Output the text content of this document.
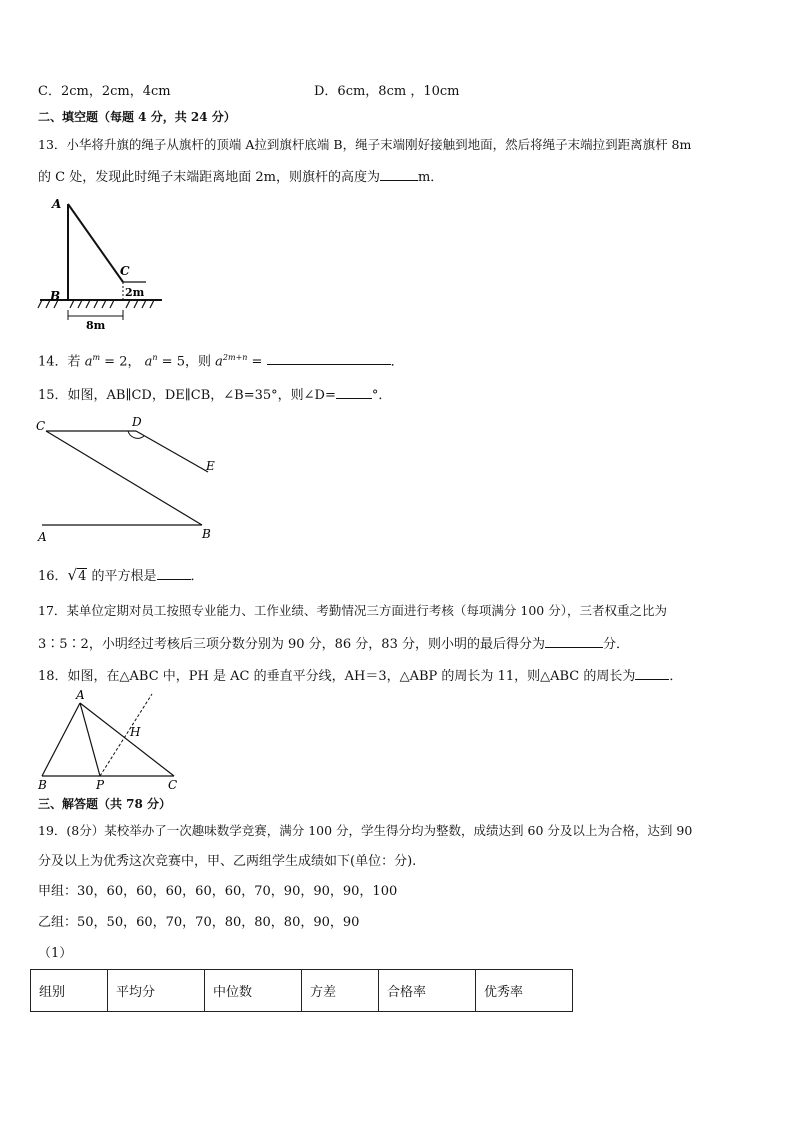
C．2cm，2cm，4cm	D．6cm，8cm ，10cm
二、填空题（每题 4 分，共 24 分）
13．小华将升旗的绳子从旗杆的顶端 A拉到旗杆底端 B，绳子末端刚好接触到地面，然后将绳子末端拉到距离旗杆 8m
的 C 处，发现此时绳子末端距离地面 2m，则旗杆的高度为	m．
A
C
B	2m
8m
14．若 $a^m = 2$， $a^n = 5$，则 $a^{2m+n}$ =	．
15．如图，AB∥CD，DE∥CB，∠B=35°，则∠D=	°．
C	D
E
A	B
16．√4 的平方根是	．
17．某单位定期对员工按照专业能力、工作业绩、考勤情况三方面进行考核（每项满分 100 分），三者权重之比为
3∶5∶2，小明经过考核后三项分数分别为 90 分，86 分，83 分，则小明的最后得分为	分．
18．如图，在△ABC 中，PH 是 AC 的垂直平分线，AH＝3，△ABP 的周长为 11，则△ABC 的周长为	．
A
H
B	P	C
三、解答题（共 78 分）
19．(8分）某校举办了一次趣味数学竞赛，满分 100 分，学生得分均为整数，成绩达到 60 分及以上为合格，达到 90
分及以上为优秀这次竞赛中，甲、乙两组学生成绩如下(单位：分).
甲组：30，60，60，60，60，60，70，90，90，90，100
乙组：50，50，60，70，70，80，80，80，90，90
（1）
组别	平均分	中位数	方差	合格率	优秀率
